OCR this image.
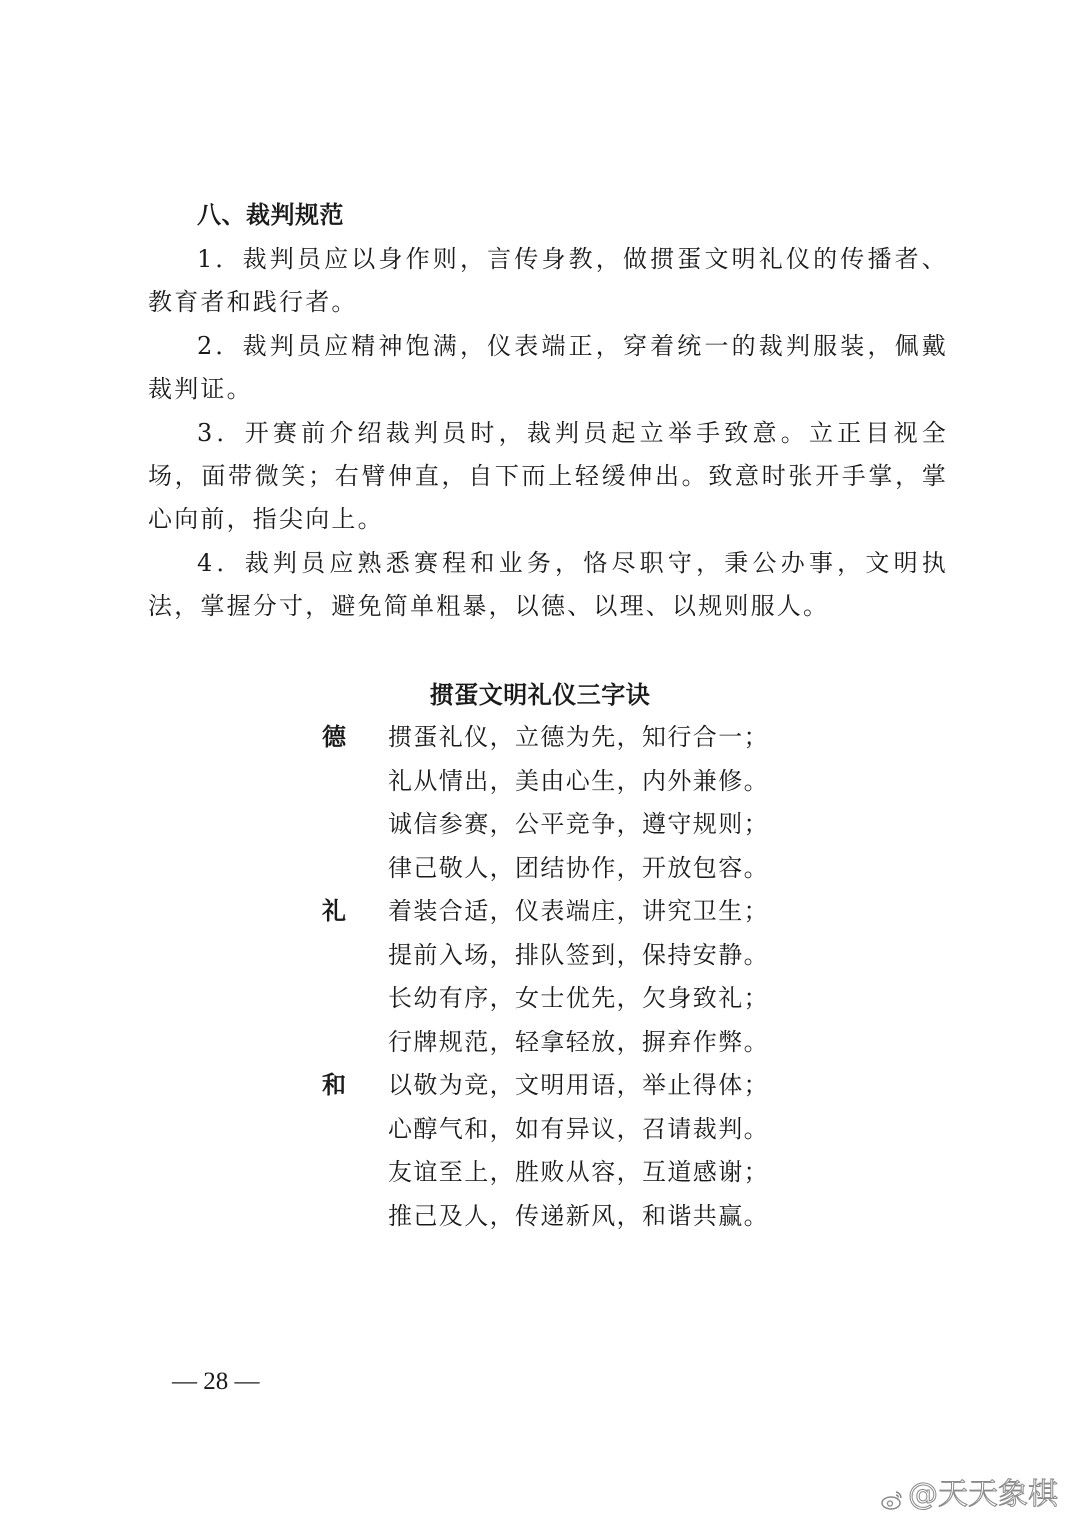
八、裁判规范

1．裁判员应以身作则，言传身教，做掼蛋文明礼仪的传播者、教育者和践行者。

2．裁判员应精神饱满，仪表端正，穿着统一的裁判服装，佩戴裁判证。

3．开赛前介绍裁判员时，裁判员起立举手致意。立正目视全场，面带微笑；右臂伸直，自下而上轻缓伸出。致意时张开手掌，掌心向前，指尖向上。

4．裁判员应熟悉赛程和业务，恪尽职守，秉公办事，文明执法，掌握分寸，避免简单粗暴，以德、以理、以规则服人。

掼蛋文明礼仪三字诀
德 掼蛋礼仪，立德为先，知行合一；
礼从情出，美由心生，内外兼修。
诚信参赛，公平竞争，遵守规则；
律己敬人，团结协作，开放包容。
礼 着装合适，仪表端庄，讲究卫生；
提前入场，排队签到，保持安静。
长幼有序，女士优先，欠身致礼；
行牌规范，轻拿轻放，摒弃作弊。
和 以敬为竞，文明用语，举止得体；
心醇气和，如有异议，召请裁判。
友谊至上，胜败从容，互道感谢；
推己及人，传递新风，和谐共赢。
— 28 —
@天天象棋
